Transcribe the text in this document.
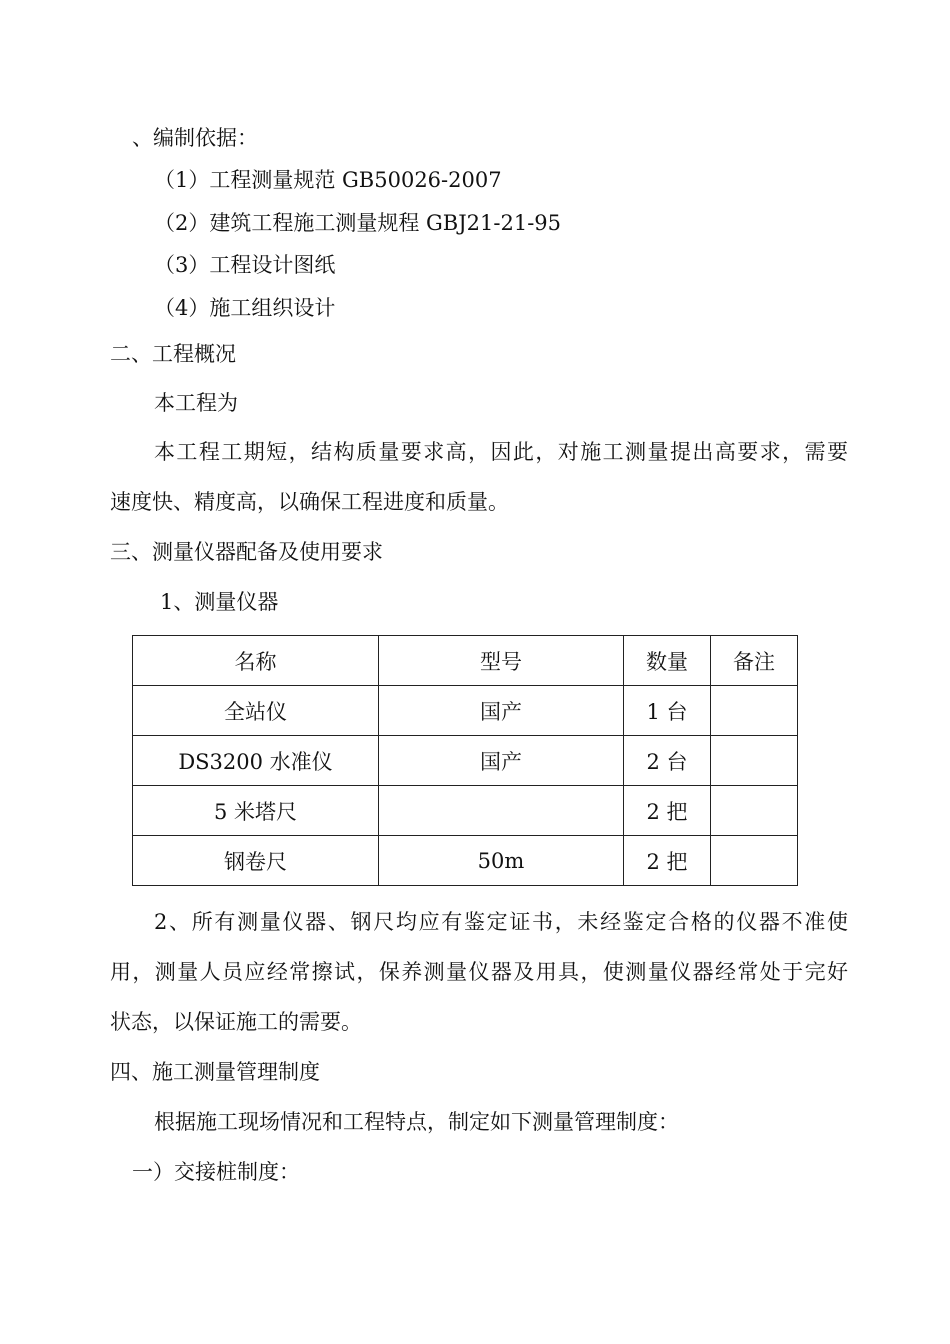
、编制依据：
（1）工程测量规范 GB50026-2007
（2）建筑工程施工测量规程 GBJ21-21-95
（3）工程设计图纸
（4）施工组织设计
二、工程概况
本工程为
本工程工期短，结构质量要求高，因此，对施工测量提出高要求，需要
速度快、精度高，以确保工程进度和质量。
三、测量仪器配备及使用要求
1、测量仪器
名称	型号	数量	备注
全站仪	国产	1 台	
DS3200 水准仪	国产	2 台	
5 米塔尺		2 把	
钢卷尺	50m	2 把	
2、所有测量仪器、钢尺均应有鉴定证书，未经鉴定合格的仪器不准使
用，测量人员应经常擦试，保养测量仪器及用具，使测量仪器经常处于完好
状态，以保证施工的需要。
四、施工测量管理制度
根据施工现场情况和工程特点，制定如下测量管理制度：
一）交接桩制度：
